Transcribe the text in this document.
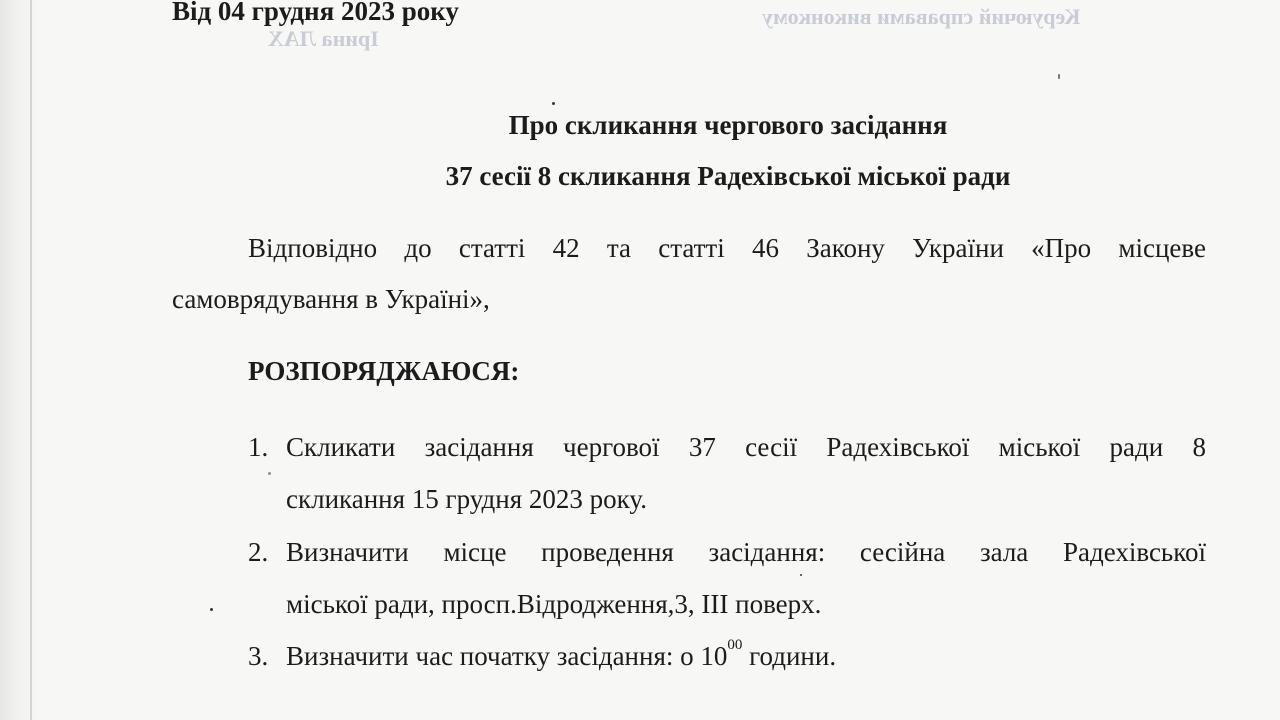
Ірина ЛАХ
Керуючий справами виконкому
Від 04 грудня 2023 року
Про скликання чергового засідання
37 сесії 8 скликання Радехівської міської ради
Відповідно до статті 42 та статті 46 Закону України «Про місцеве
самоврядування в Україні»,
РОЗПОРЯДЖАЮСЯ:
1. Скликати засідання чергової 37 сесії Радехівської міської ради 8
скликання 15 грудня 2023 року.
2. Визначити місце проведення засідання: сесійна зала Радехівської
міської ради, просп.Відродження,3, ІІІ поверх.
3. Визначити час початку засідання: о $10^{00}$ години.
